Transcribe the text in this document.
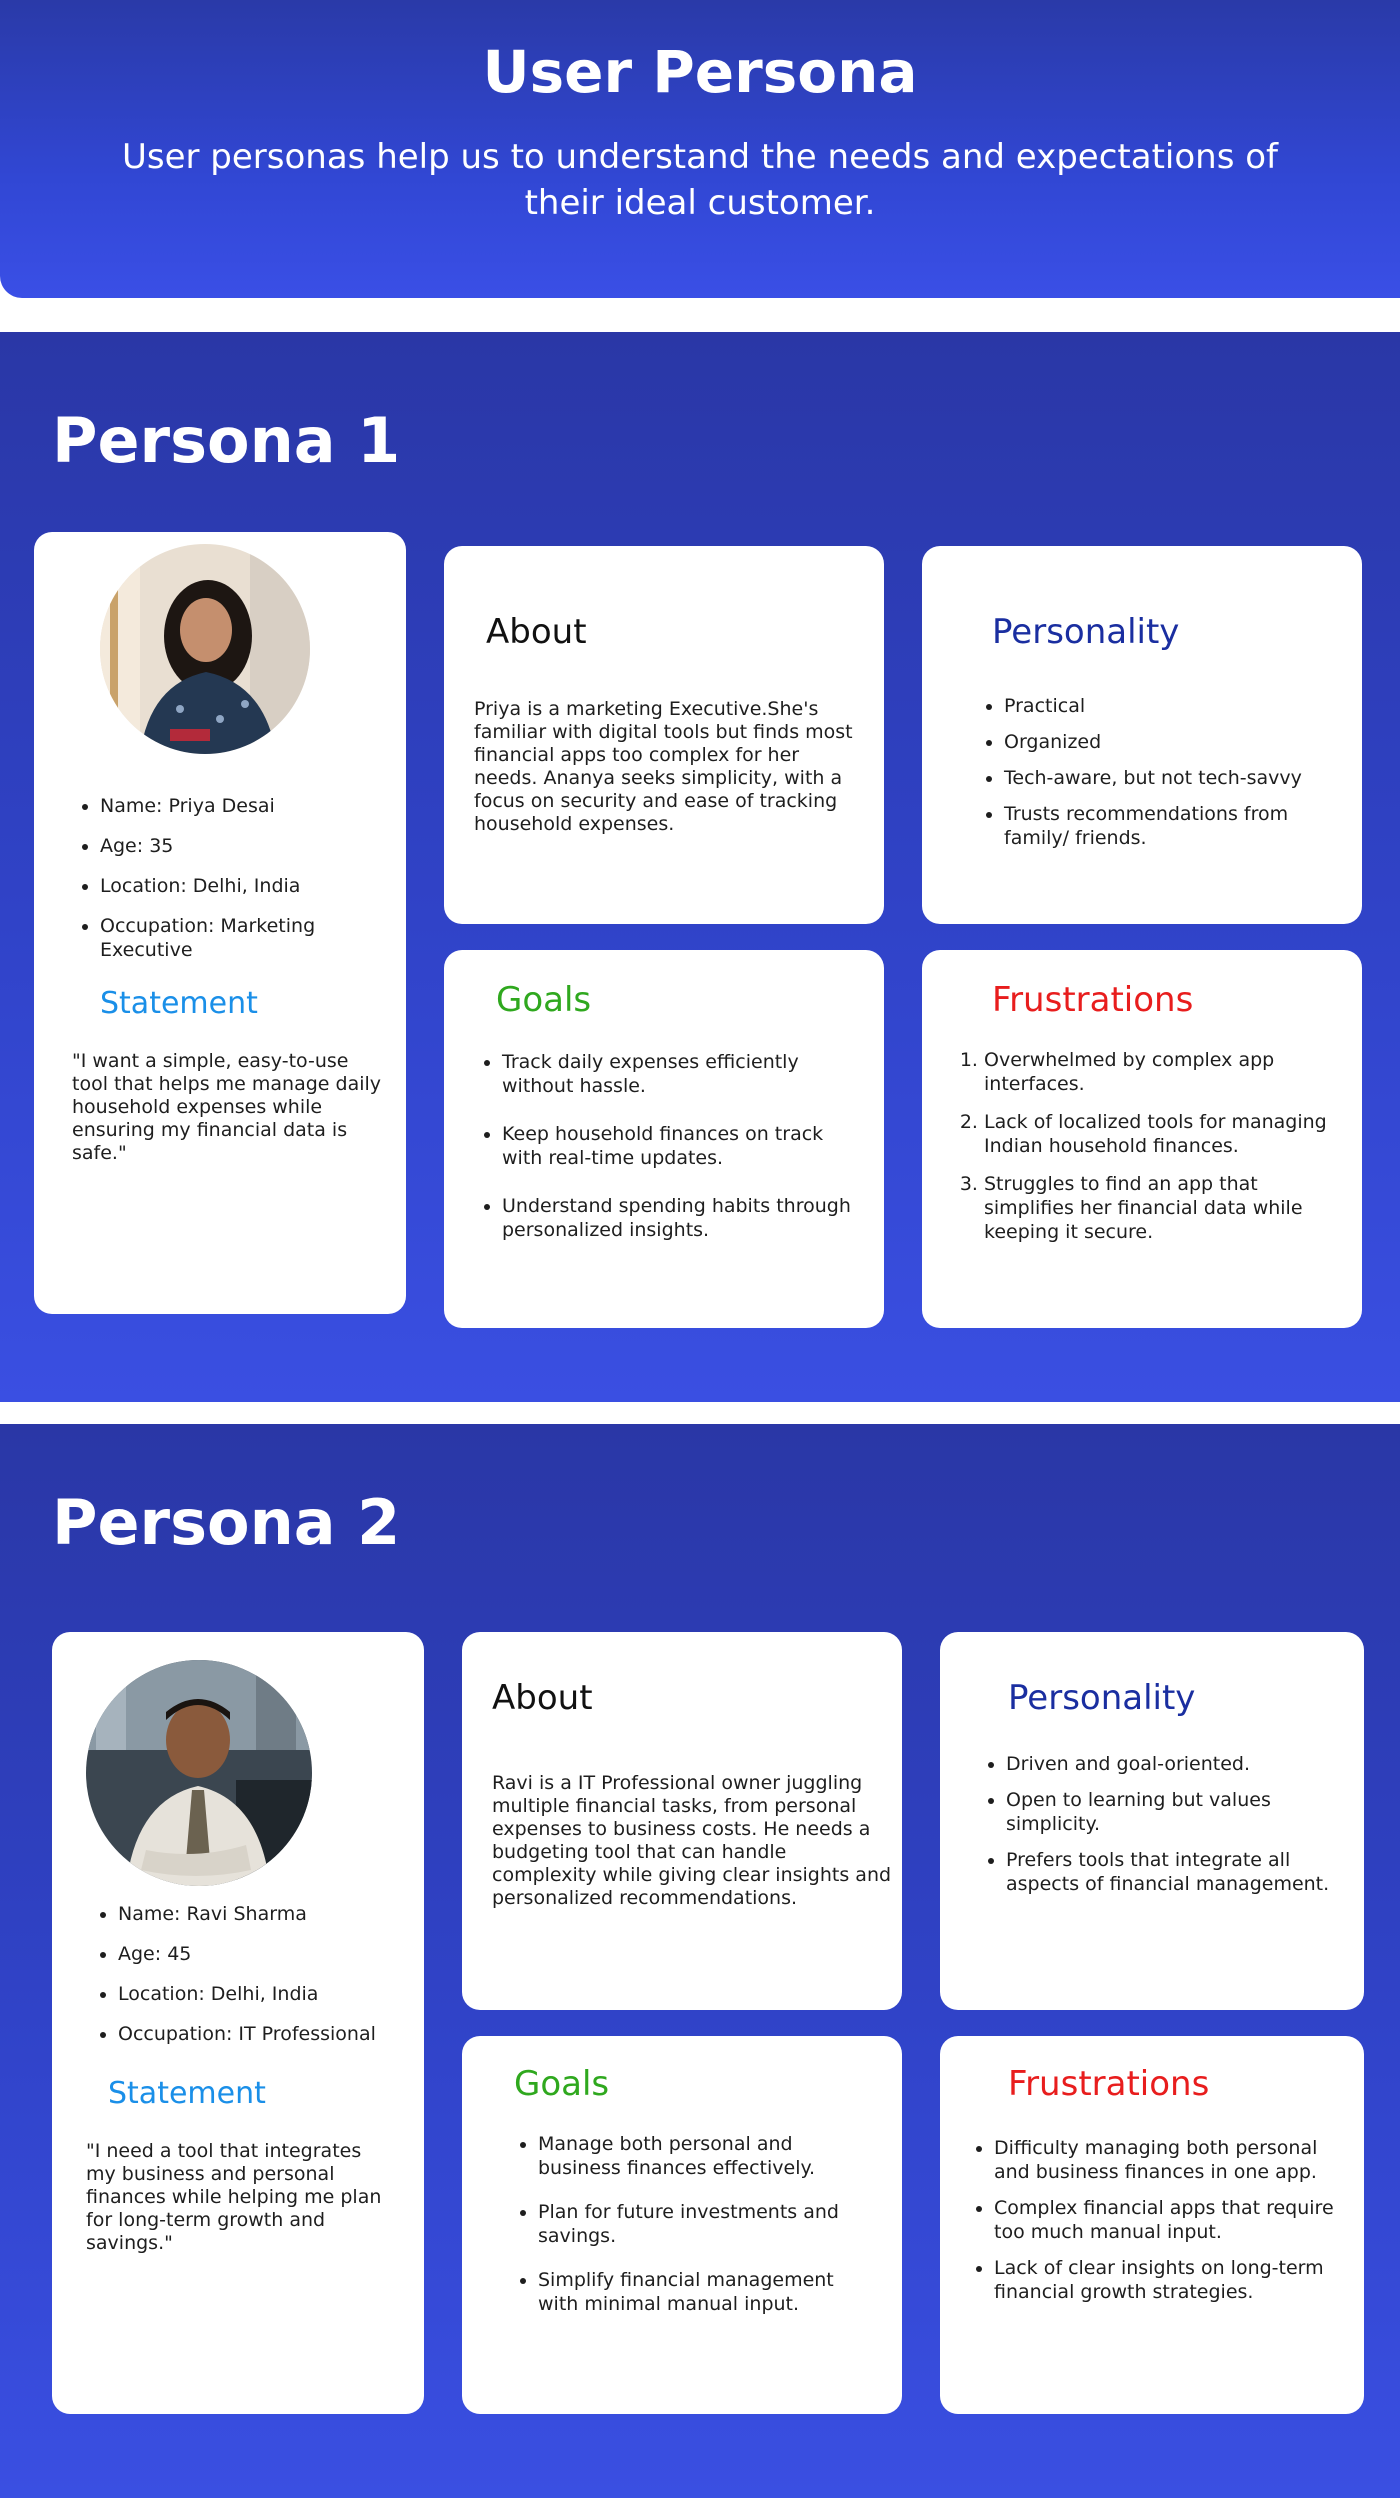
User Persona

User personas help us to understand the needs and expectations of their ideal customer.

Persona 1
• Name: Priya Desai
• Age: 35
• Location: Delhi, India
• Occupation: Marketing Executive
Statement
"I want a simple, easy-to-use tool that helps me manage daily household expenses while ensuring my financial data is safe."
About
Priya is a marketing Executive.She's familiar with digital tools but finds most financial apps too complex for her needs. Ananya seeks simplicity, with a focus on security and ease of tracking household expenses.
Personality
• Practical
• Organized
• Tech-aware, but not tech-savvy
• Trusts recommendations from family/ friends.
Goals
• Track daily expenses efficiently without hassle.
• Keep household finances on track with real-time updates.
• Understand spending habits through personalized insights.
Frustrations
1. Overwhelmed by complex app interfaces.
2. Lack of localized tools for managing Indian household finances.
3. Struggles to find an app that simplifies her financial data while keeping it secure.
Persona 2
• Name: Ravi Sharma
• Age: 45
• Location: Delhi, India
• Occupation: IT Professional
Statement
"I need a tool that integrates my business and personal finances while helping me plan for long-term growth and savings."
About
Ravi is a IT Professional owner juggling multiple financial tasks, from personal expenses to business costs. He needs a budgeting tool that can handle complexity while giving clear insights and personalized recommendations.
Personality
• Driven and goal-oriented.
• Open to learning but values simplicity.
• Prefers tools that integrate all aspects of financial management.
Goals
• Manage both personal and business finances effectively.
• Plan for future investments and savings.
• Simplify financial management with minimal manual input.
Frustrations
• Difficulty managing both personal and business finances in one app.
• Complex financial apps that require too much manual input.
• Lack of clear insights on long-term financial growth strategies.
